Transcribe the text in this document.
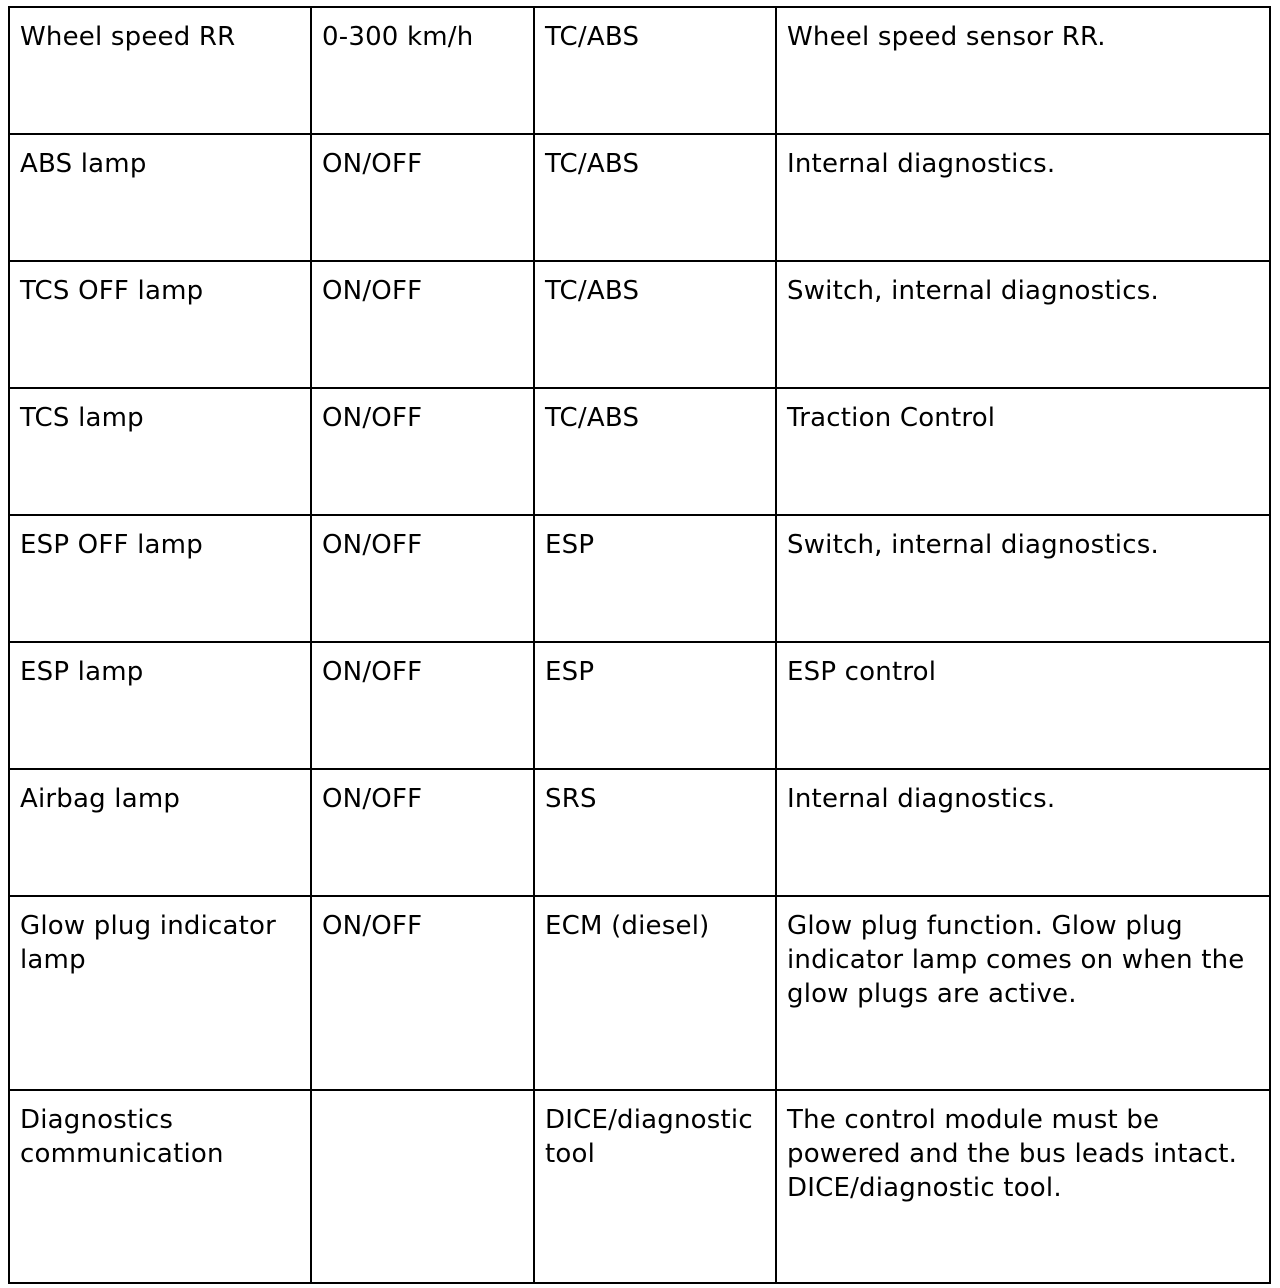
Wheel speed RR	0-300 km/h	TC/ABS	Wheel speed sensor RR.
ABS lamp	ON/OFF	TC/ABS	Internal diagnostics.
TCS OFF lamp	ON/OFF	TC/ABS	Switch, internal diagnostics.
TCS lamp	ON/OFF	TC/ABS	Traction Control
ESP OFF lamp	ON/OFF	ESP	Switch, internal diagnostics.
ESP lamp	ON/OFF	ESP	ESP control
Airbag lamp	ON/OFF	SRS	Internal diagnostics.
Glow plug indicator lamp	ON/OFF	ECM (diesel)	Glow plug function. Glow plug indicator lamp comes on when the glow plugs are active.
Diagnostics communication		DICE/diagnostic tool	The control module must be powered and the bus leads intact. DICE/diagnostic tool.
